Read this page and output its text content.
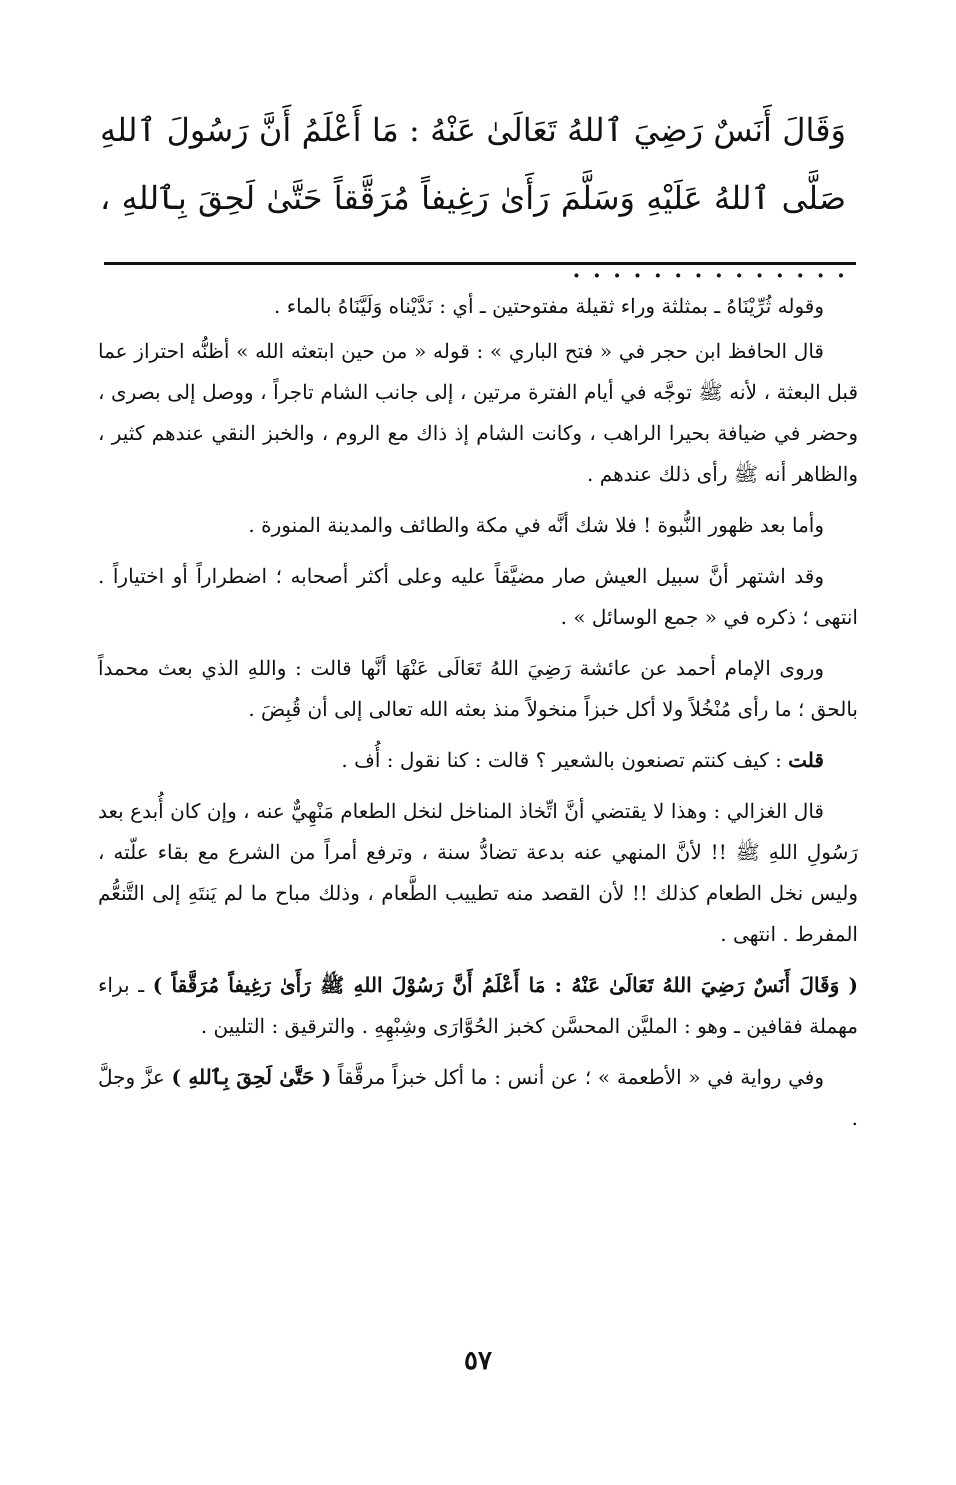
وَقَالَ أَنَسٌ رَضِيَ ٱللهُ تَعَالَىٰ عَنْهُ : مَا أَعْلَمُ أَنَّ رَسُولَ ٱللهِ صَلَّى ٱللهُ عَلَيْهِ وَسَلَّمَ رَأَىٰ رَغِيفاً مُرَقَّقاً حَتَّىٰ لَحِقَ بِٱللهِ ، . . . . . . . . . . . . . .

وقوله ثُرِّيْنَاهُ ـ بمثلثة وراء ثقيلة مفتوحتين ـ أي : نَدَّيْناه وَلَيَّنَاهُ بالماء .

قال الحافظ ابن حجر في « فتح الباري » : قوله « من حين ابتعثه الله » أظنُّه احتراز عما قبل البعثة ، لأنه ﷺ توجَّه في أيام الفترة مرتين ، إلى جانب الشام تاجراً ، ووصل إلى بصرى ، وحضر في ضيافة بحيرا الراهب ، وكانت الشام إذ ذاك مع الروم ، والخبز النقي عندهم كثير ، والظاهر أنه ﷺ رأى ذلك عندهم .

وأما بعد ظهور النُّبوة ! فلا شك أنَّه في مكة والطائف والمدينة المنورة .

وقد اشتهر أنَّ سبيل العيش صار مضيَّقاً عليه وعلى أكثر أصحابه ؛ اضطراراً أو اختياراً . انتهى ؛ ذكره في « جمع الوسائل » .

وروى الإمام أحمد عن عائشة رَضِيَ اللهُ تَعَالَى عَنْهَا أنَّها قالت : واللهِ الذي بعث محمداً بالحق ؛ ما رأى مُنْخُلاً ولا أكل خبزاً منخولاً منذ بعثه الله تعالى إلى أن قُبِضَ .

قلت : كيف كنتم تصنعون بالشعير ؟ قالت : كنا نقول : أُف .

قال الغزالي : وهذا لا يقتضي أنَّ اتِّخاذ المناخل لنخل الطعام مَنْهِيٌّ عنه ، وإن كان أُبدع بعد رَسُولِ اللهِ ﷺ !! لأنَّ المنهي عنه بدعة تضادُّ سنة ، وترفع أمراً من الشرع مع بقاء علّته ، وليس نخل الطعام كذلك !! لأن القصد منه تطييب الطَّعام ، وذلك مباح ما لم يَنتَهِ إلى التَّنعُّم المفرط . انتهى .

( وَقَالَ أَنَسٌ رَضِيَ اللهُ تَعَالَىٰ عَنْهُ : مَا أَعْلَمُ أَنَّ رَسُوْلَ اللهِ ﷺ رَأَىٰ رَغِيفاً مُرَقَّقاً ) ـ براء مهملة فقافين ـ وهو : المليَّن المحسَّن كخبز الحُوَّارَى وشِبْهِهِ . والترقيق : التليين .

وفي رواية في « الأطعمة » ؛ عن أنس : ما أكل خبزاً مرقَّقاً ( حَتَّىٰ لَحِقَ بِٱللهِ ) عزَّ وجلَّ .

٥٧
